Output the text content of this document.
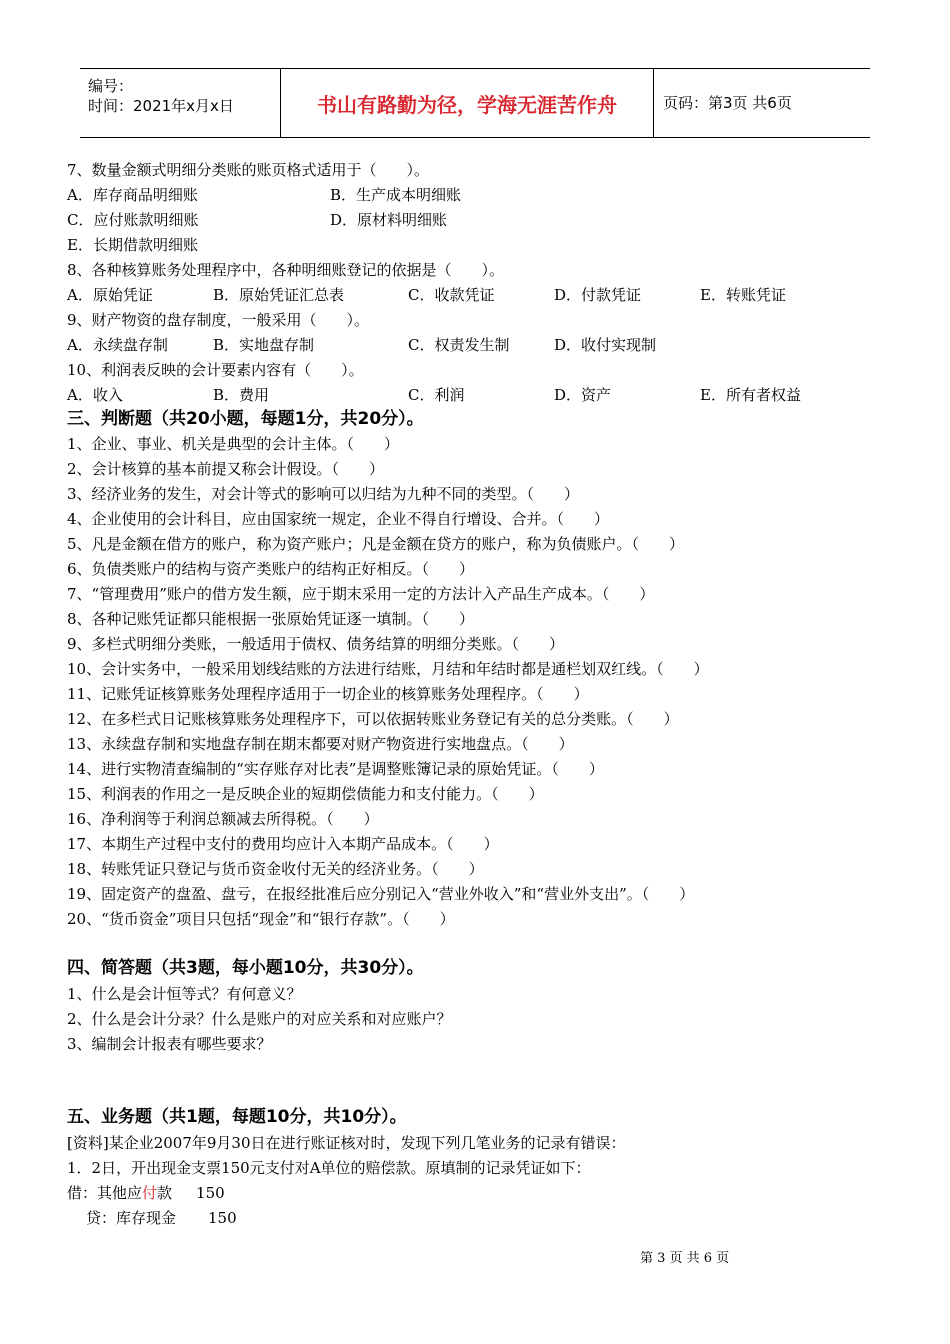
编号：
时间：2021年x月x日	书山有路勤为径，学海无涯苦作舟	页码：第3页 共6页
7、数量金额式明细分类账的账页格式适用于（　　）。
A．库存商品明细账	B．生产成本明细账
C．应付账款明细账	D．原材料明细账
E．长期借款明细账
8、各种核算账务处理程序中，各种明细账登记的依据是（　　）。
A．原始凭证	B．原始凭证汇总表	C．收款凭证	D．付款凭证	E．转账凭证
9、财产物资的盘存制度，一般采用（　　）。
A．永续盘存制	B．实地盘存制	C．权责发生制	D．收付实现制
10、利润表反映的会计要素内容有（　　）。
A．收入	B．费用	C．利润	D．资产	E．所有者权益
三、判断题（共20小题，每题1分，共20分）。
1、企业、事业、机关是典型的会计主体。（　　）
2、会计核算的基本前提又称会计假设。（　　）
3、经济业务的发生，对会计等式的影响可以归结为九种不同的类型。（　　）
4、企业使用的会计科目，应由国家统一规定，企业不得自行增设、合并。（　　）
5、凡是金额在借方的账户，称为资产账户；凡是金额在贷方的账户，称为负债账户。（　　）
6、负债类账户的结构与资产类账户的结构正好相反。（　　）
7、“管理费用”账户的借方发生额，应于期末采用一定的方法计入产品生产成本。（　　）
8、各种记账凭证都只能根据一张原始凭证逐一填制。（　　）
9、多栏式明细分类账，一般适用于债权、债务结算的明细分类账。（　　）
10、会计实务中，一般采用划线结账的方法进行结账，月结和年结时都是通栏划双红线。（　　）
11、记账凭证核算账务处理程序适用于一切企业的核算账务处理程序。（　　）
12、在多栏式日记账核算账务处理程序下，可以依据转账业务登记有关的总分类账。（　　）
13、永续盘存制和实地盘存制在期末都要对财产物资进行实地盘点。（　　）
14、进行实物清查编制的“实存账存对比表”是调整账簿记录的原始凭证。（　　）
15、利润表的作用之一是反映企业的短期偿债能力和支付能力。（　　）
16、净利润等于利润总额减去所得税。（　　）
17、本期生产过程中支付的费用均应计入本期产品成本。（　　）
18、转账凭证只登记与货币资金收付无关的经济业务。（　　）
19、固定资产的盘盈、盘亏，在报经批准后应分别记入“营业外收入”和“营业外支出”。（　　）
20、“货币资金”项目只包括“现金”和“银行存款”。（　　）
四、简答题（共3题，每小题10分，共30分）。
1、什么是会计恒等式？有何意义？
2、什么是会计分录？什么是账户的对应关系和对应账户？
3、编制会计报表有哪些要求？
五、业务题（共1题，每题10分，共10分）。
[资料]某企业2007年9月30日在进行账证核对时，发现下列几笔业务的记录有错误：
1．2日，开出现金支票150元支付对A单位的赔偿款。原填制的记录凭证如下：
借：其他应付款 150
贷：库存现金 150
第 3 页 共 6 页
